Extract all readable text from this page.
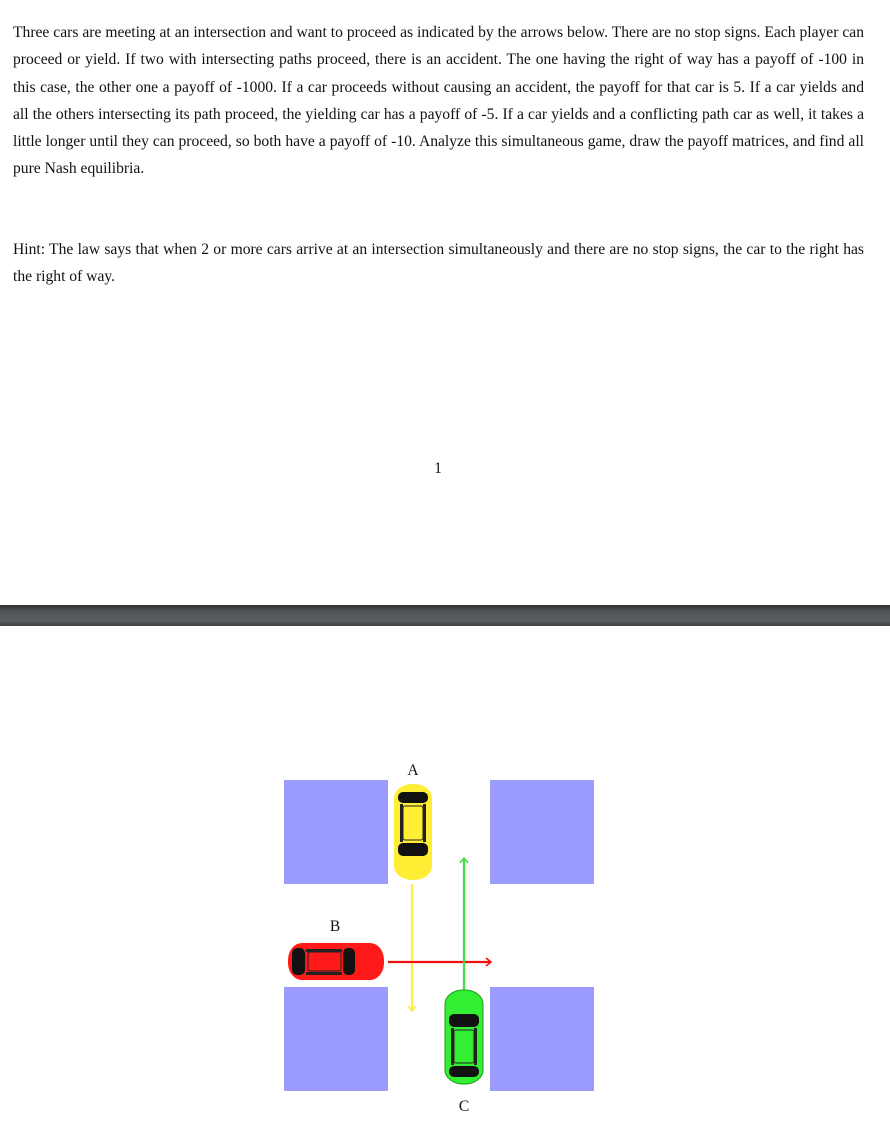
Three cars are meeting at an intersection and want to proceed as indicated by the arrows below. There are no stop signs. Each player can proceed or yield. If two with intersecting paths proceed, there is an accident. The one having the right of way has a payoff of -100 in this case, the other one a payoff of -1000. If a car proceeds without causing an accident, the payoff for that car is 5. If a car yields and all the others intersecting its path proceed, the yielding car has a payoff of -5. If a car yields and a conflicting path car as well, it takes a little longer until they can proceed, so both have a payoff of -10. Analyze this simultaneous game, draw the payoff matrices, and find all pure Nash equilibria.

Hint: The law says that when 2 or more cars arrive at an intersection simultaneously and there are no stop signs, the car to the right has the right of way.

1
A
B
C
